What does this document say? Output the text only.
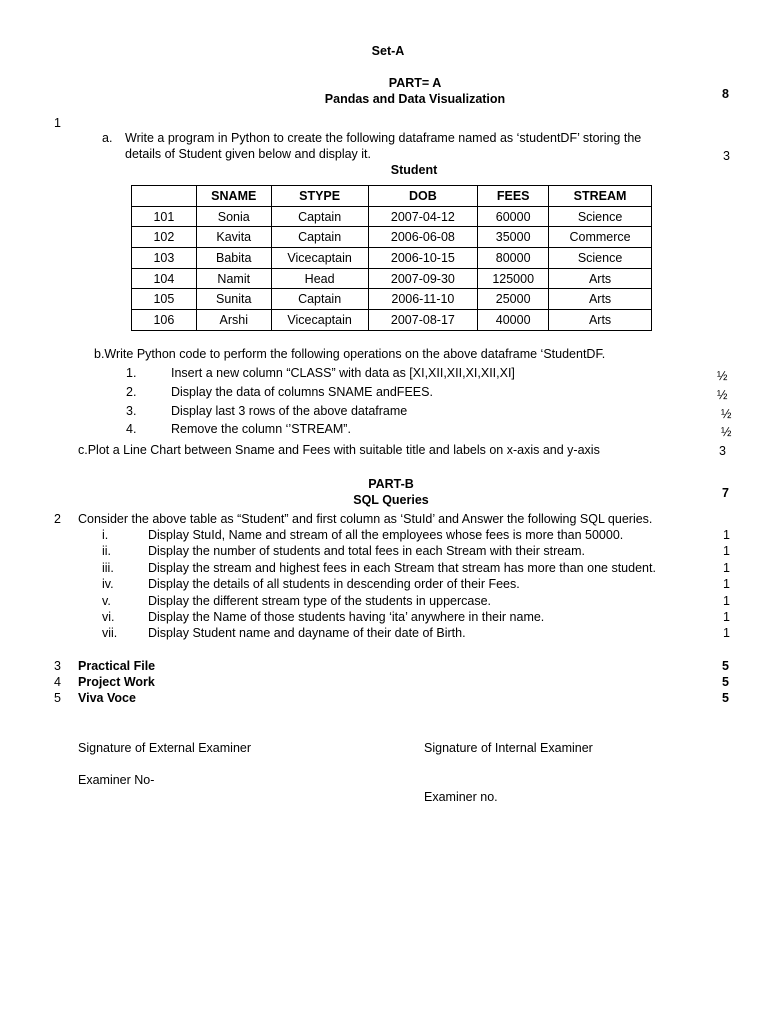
Set-A
PART= A
Pandas and Data Visualization	8
1
a. Write a program in Python to create the following dataframe named as ‘studentDF’ storing the
details of Student given below and display it.	3
Student
	SNAME	STYPE	DOB	FEES	STREAM
101	Sonia	Captain	2007-04-12	60000	Science
102	Kavita	Captain	2006-06-08	35000	Commerce
103	Babita	Vicecaptain	2006-10-15	80000	Science
104	Namit	Head	2007-09-30	125000	Arts
105	Sunita	Captain	2006-11-10	25000	Arts
106	Arshi	Vicecaptain	2007-08-17	40000	Arts
b.Write Python code to perform the following operations on the above dataframe ‘StudentDF.
1.	Insert a new column “CLASS” with data as [XI,XII,XII,XI,XII,XI]	½
2.	Display the data of columns SNAME andFEES.	½
3.	Display last 3 rows of the above dataframe	½
4.	Remove the column ‘’STREAM”.	½
c.Plot a Line Chart between Sname and Fees with suitable title and labels on x-axis and y-axis	3
PART-B
SQL Queries	7
2 Consider the above table as “Student” and first column as ‘StuId’ and Answer the following SQL queries.
i.	Display StuId, Name and stream of all the employees whose fees is more than 50000.	1
ii.	Display the number of students and total fees in each Stream with their stream.	1
iii.	Display the stream and highest fees in each Stream that stream has more than one student.	1
iv.	Display the details of all students in descending order of their Fees.	1
v.	Display the different stream type of the students in uppercase.	1
vi.	Display the Name of those students having ‘ita’ anywhere in their name.	1
vii. Display Student name and dayname of their date of Birth.	1
3 Practical File	5
4 Project Work	5
5 Viva Voce	5
Signature of External Examiner	Signature of Internal Examiner
Examiner No-
Examiner no.
